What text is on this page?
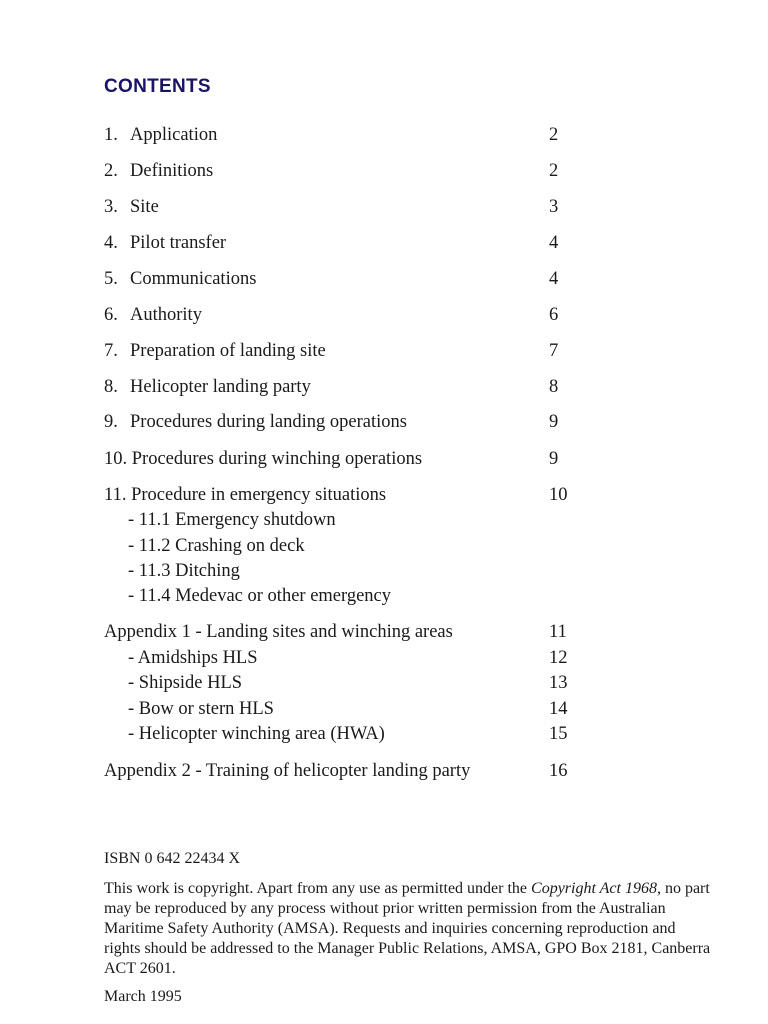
CONTENTS
1. Application	2
2. Definitions	2
3. Site	3
4. Pilot transfer	4
5. Communications	4
6. Authority	6
7. Preparation of landing site	7
8. Helicopter landing party	8
9. Procedures during landing operations	9
10. Procedures during winching operations	9
11. Procedure in emergency situations	10
- 11.1 Emergency shutdown
- 11.2 Crashing on deck
- 11.3 Ditching
- 11.4 Medevac or other emergency
Appendix 1 - Landing sites and winching areas	11
- Amidships HLS	12
- Shipside HLS	13
- Bow or stern HLS	14
- Helicopter winching area (HWA)	15
Appendix 2 - Training of helicopter landing party	16
ISBN 0 642 22434 X
This work is copyright. Apart from any use as permitted under the Copyright Act 1968, no part may be reproduced by any process without prior written permission from the Australian Maritime Safety Authority (AMSA). Requests and inquiries concerning reproduction and rights should be addressed to the Manager Public Relations, AMSA, GPO Box 2181, Canberra ACT 2601.
March 1995
